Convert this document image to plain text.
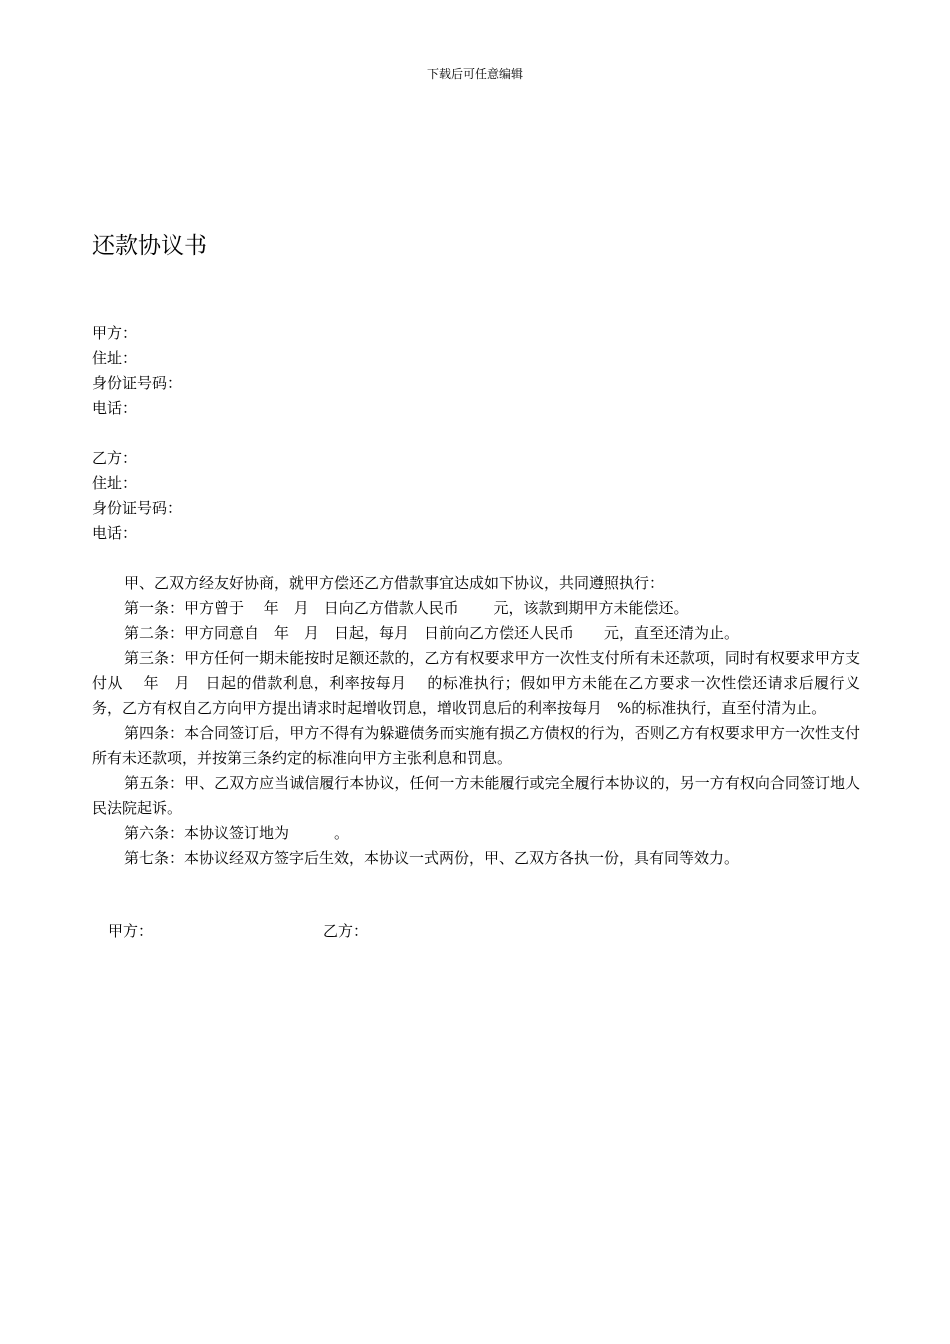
下载后可任意编辑
还款协议书
甲方：
住址：
身份证号码：
电话：
乙方：
住址：
身份证号码：
电话：

甲、乙双方经友好协商，就甲方偿还乙方借款事宜达成如下协议，共同遵照执行：

第一条：甲方曾于　 年　月　日向乙方借款人民币　　 元，该款到期甲方未能偿还。

第二条：甲方同意自　年　月　日起，每月　日前向乙方偿还人民币　　元，直至还清为止。

第三条：甲方任何一期未能按时足额还款的，乙方有权要求甲方一次性支付所有未还款项，同时有权要求甲方支付从　 年　月　日起的借款利息，利率按每月　 的标准执行；假如甲方未能在乙方要求一次性偿还请求后履行义务，乙方有权自乙方向甲方提出请求时起增收罚息，增收罚息后的利率按每月　%的标准执行，直至付清为止。

第四条：本合同签订后，甲方不得有为躲避债务而实施有损乙方债权的行为，否则乙方有权要求甲方一次性支付所有未还款项，并按第三条约定的标准向甲方主张利息和罚息。

第五条：甲、乙双方应当诚信履行本协议，任何一方未能履行或完全履行本协议的，另一方有权向合同签订地人民法院起诉。

第六条：本协议签订地为　　　。

第七条：本协议经双方签字后生效，本协议一式两份，甲、乙双方各执一份，具有同等效力。

甲方：	乙方：
